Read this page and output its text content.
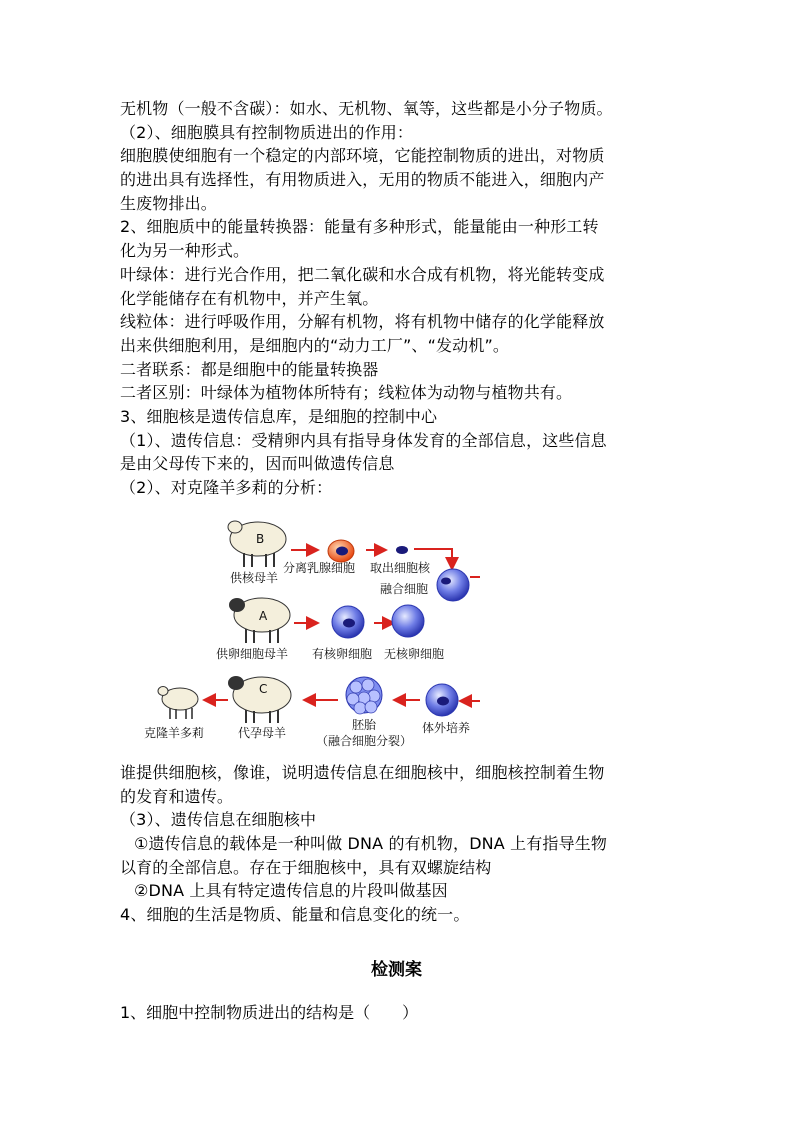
无机物（一般不含碳）：如水、无机物、氧等，这些都是小分子物质。
（2）、细胞膜具有控制物质进出的作用：
细胞膜使细胞有一个稳定的内部环境，它能控制物质的进出，对物质
的进出具有选择性，有用物质进入，无用的物质不能进入，细胞内产
生废物排出。
2、细胞质中的能量转换器：能量有多种形式，能量能由一种形工转
化为另一种形式。
叶绿体：进行光合作用，把二氧化碳和水合成有机物，将光能转变成
化学能储存在有机物中，并产生氧。
线粒体：进行呼吸作用，分解有机物，将有机物中储存的化学能释放
出来供细胞利用，是细胞内的“动力工厂”、“发动机”。
二者联系：都是细胞中的能量转换器
二者区别：叶绿体为植物体所特有；线粒体为动物与植物共有。
3、细胞核是遗传信息库，是细胞的控制中心
（1）、遗传信息：受精卵内具有指导身体发育的全部信息，这些信息
是由父母传下来的，因而叫做遗传信息
（2）、对克隆羊多莉的分析：
B
供核母羊
分离乳腺细胞 取出细胞核
融合细胞
A
供卵细胞母羊 有核卵细胞 无核卵细胞
体外培养
胚胎
（融合细胞分裂）
C
代孕母羊
克隆羊多莉
谁提供细胞核，像谁，说明遗传信息在细胞核中，细胞核控制着生物
的发育和遗传。
（3）、遗传信息在细胞核中
①遗传信息的载体是一种叫做 DNA 的有机物，DNA 上有指导生物
以育的全部信息。存在于细胞核中，具有双螺旋结构
②DNA 上具有特定遗传信息的片段叫做基因
4、细胞的生活是物质、能量和信息变化的统一。
检测案
1、细胞中控制物质进出的结构是（　　）
